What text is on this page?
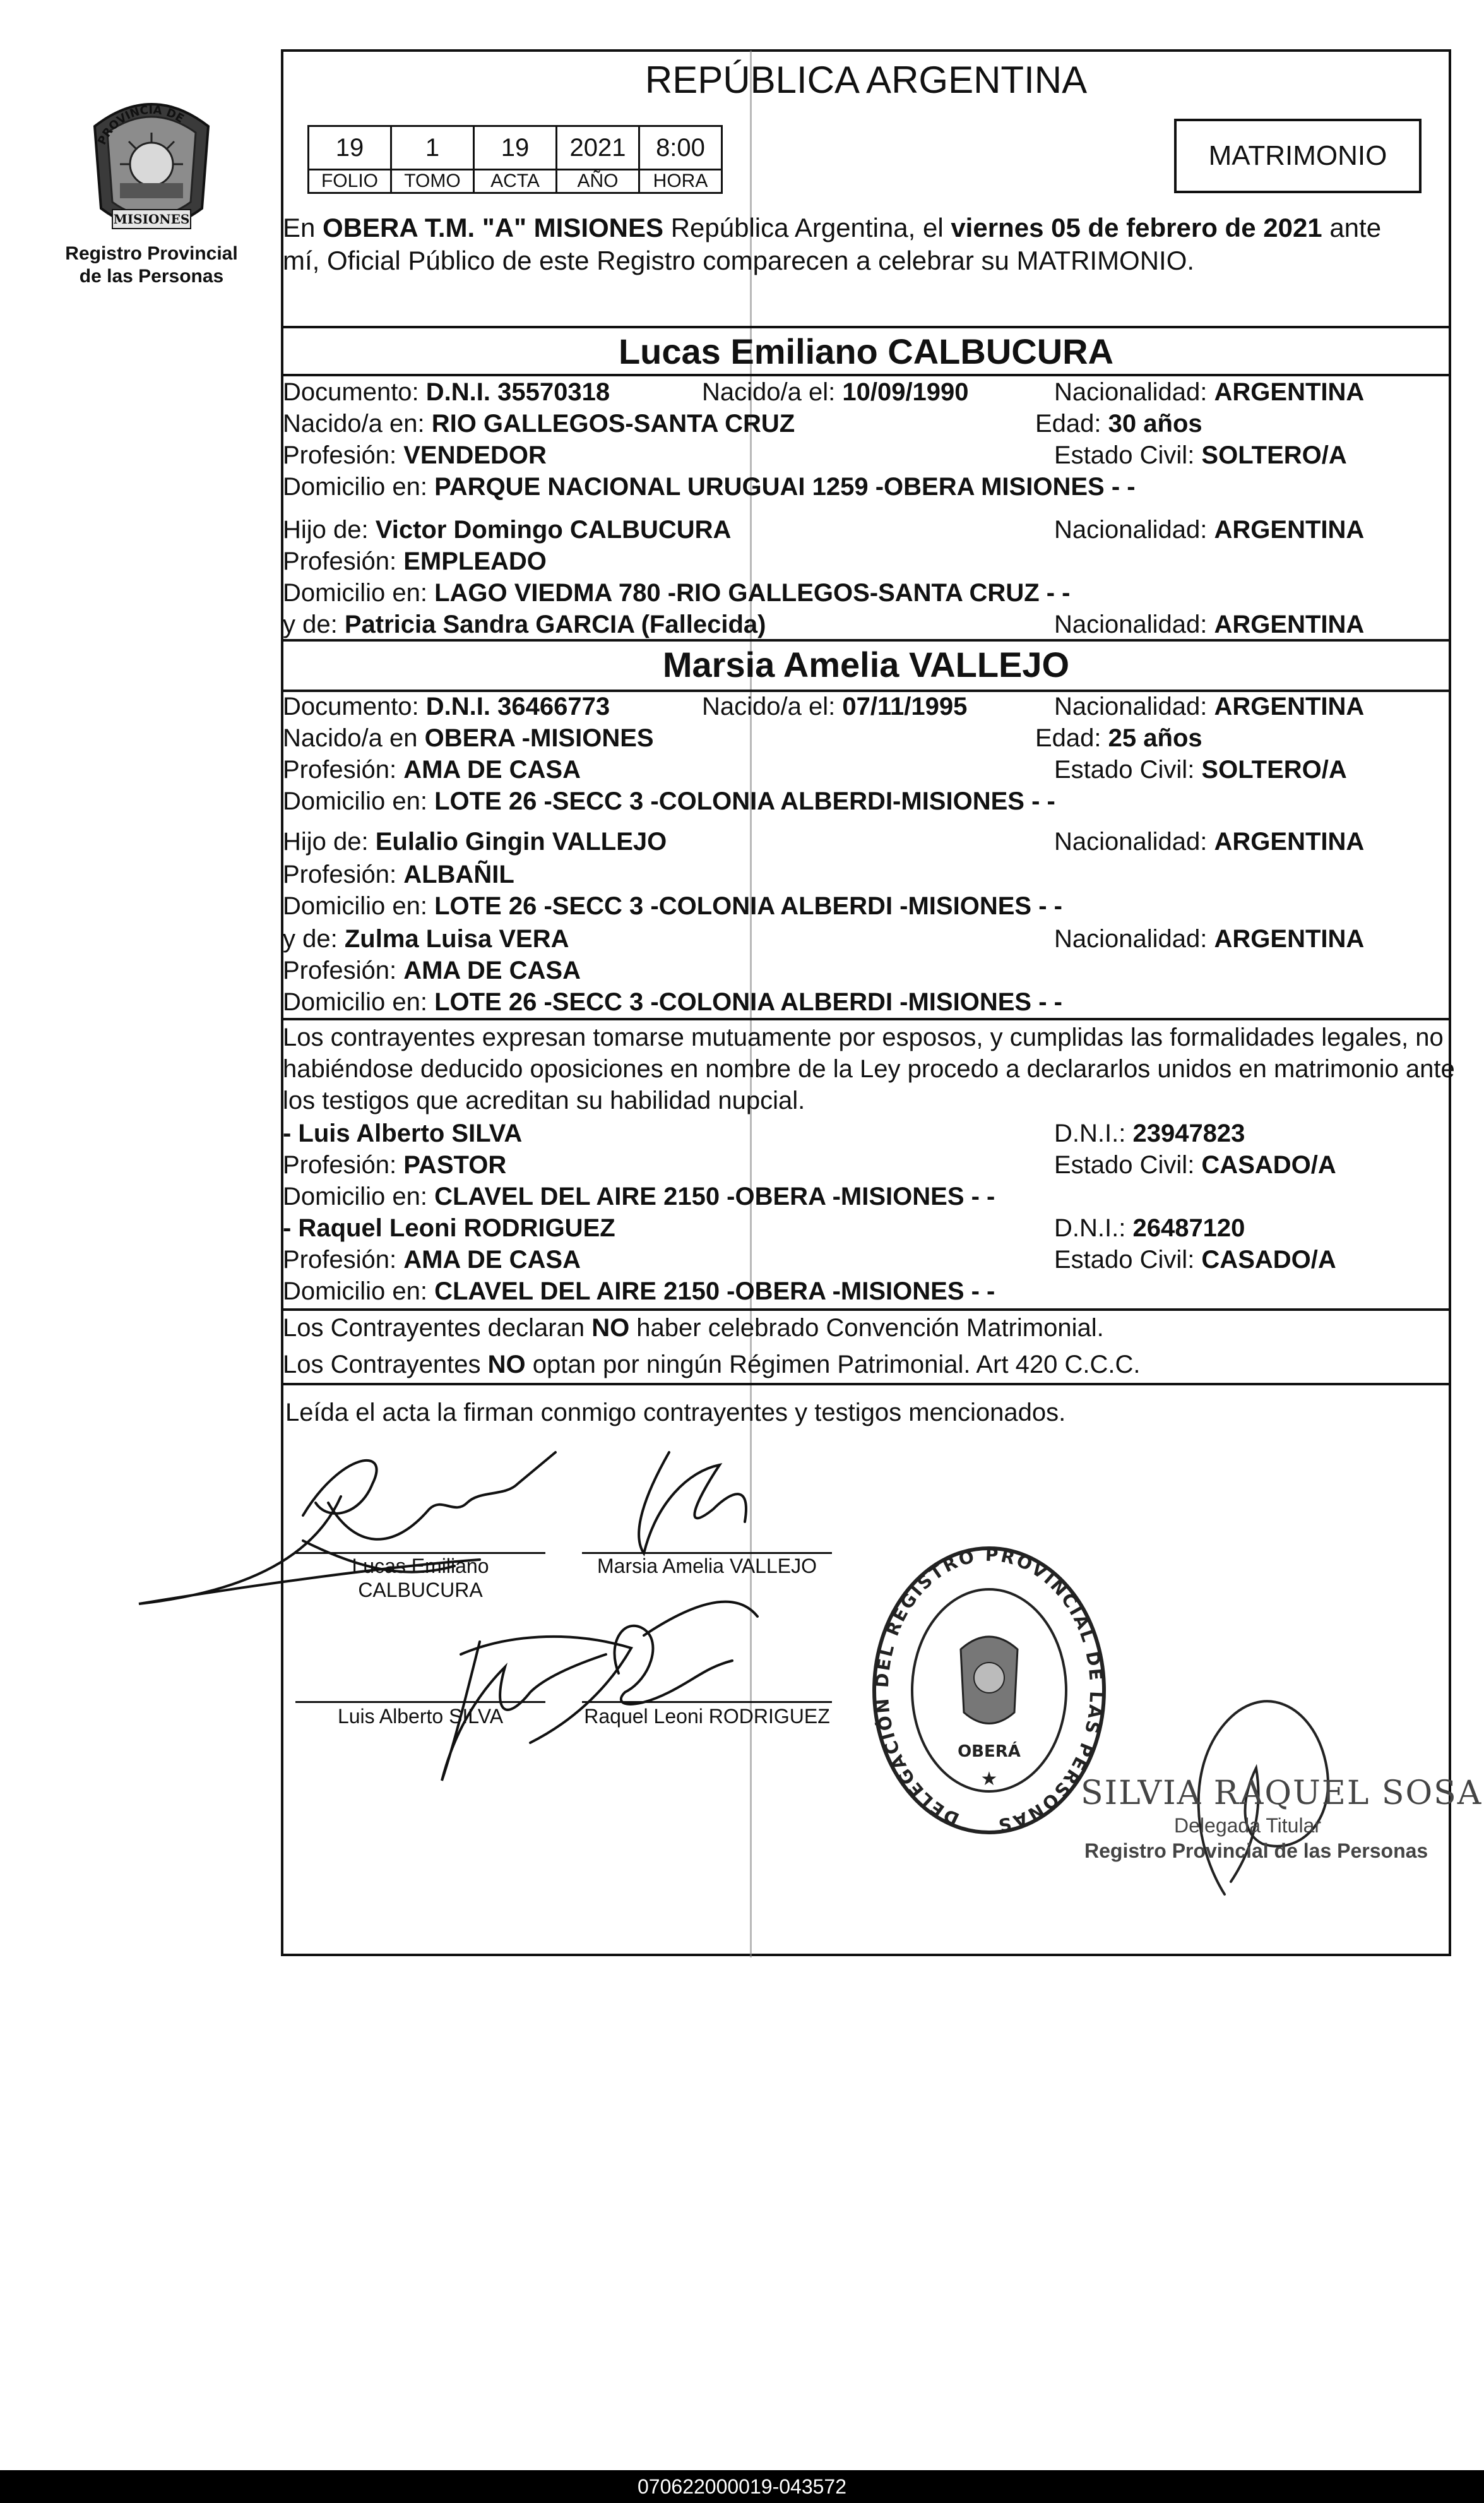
PROVINCIA DE
MISIONES
Registro Provincial
de las Personas
REPÚBLICA ARGENTINA
19	1	19	2021	8:00
FOLIO	TOMO	ACTA	AÑO	HORA
MATRIMONIO
En OBERA T.M. "A" MISIONES República Argentina, el viernes 05 de febrero de 2021 ante
mí, Oficial Público de este Registro comparecen a celebrar su MATRIMONIO.
Lucas Emiliano CALBUCURA
Documento: D.N.I. 35570318	Nacido/a el: 10/09/1990	Nacionalidad: ARGENTINA
Nacido/a en: RIO GALLEGOS-SANTA CRUZ	Edad: 30 años
Profesión: VENDEDOR	Estado Civil: SOLTERO/A
Domicilio en: PARQUE NACIONAL URUGUAI 1259 -OBERA MISIONES - -
Hijo de: Victor Domingo CALBUCURA	Nacionalidad: ARGENTINA
Profesión: EMPLEADO
Domicilio en: LAGO VIEDMA 780 -RIO GALLEGOS-SANTA CRUZ - -
y de: Patricia Sandra GARCIA (Fallecida)	Nacionalidad: ARGENTINA
Marsia Amelia VALLEJO
Documento: D.N.I. 36466773	Nacido/a el: 07/11/1995	Nacionalidad: ARGENTINA
Nacido/a en OBERA -MISIONES	Edad: 25 años
Profesión: AMA DE CASA	Estado Civil: SOLTERO/A
Domicilio en: LOTE 26 -SECC 3 -COLONIA ALBERDI-MISIONES - -
Hijo de: Eulalio Gingin VALLEJO	Nacionalidad: ARGENTINA
Profesión: ALBAÑIL
Domicilio en: LOTE 26 -SECC 3 -COLONIA ALBERDI -MISIONES - -
y de: Zulma Luisa VERA	Nacionalidad: ARGENTINA
Profesión: AMA DE CASA
Domicilio en: LOTE 26 -SECC 3 -COLONIA ALBERDI -MISIONES - -
Los contrayentes expresan tomarse mutuamente por esposos, y cumplidas las formalidades legales, no
habiéndose deducido oposiciones en nombre de la Ley procedo a declararlos unidos en matrimonio ante
los testigos que acreditan su habilidad nupcial.
- Luis Alberto SILVA	D.N.I.: 23947823
Profesión: PASTOR	Estado Civil: CASADO/A
Domicilio en: CLAVEL DEL AIRE 2150 -OBERA -MISIONES - -
- Raquel Leoni RODRIGUEZ	D.N.I.: 26487120
Profesión: AMA DE CASA	Estado Civil: CASADO/A
Domicilio en: CLAVEL DEL AIRE 2150 -OBERA -MISIONES - -
Los Contrayentes declaran NO haber celebrado Convención Matrimonial.
Los Contrayentes NO optan por ningún Régimen Patrimonial. Art 420 C.C.C.
Leída el acta la firman conmigo contrayentes y testigos mencionados.
Lucas Emiliano
CALBUCURA
Marsia Amelia VALLEJO
Luis Alberto SILVA	Raquel Leoni RODRIGUEZ
DELEGACIÓN DEL REGISTRO PROVINCIAL DE LAS PERSONAS
OBERÁ
★	SILVIA RAQUEL SOSA
Delegada Titular
Registro Provincial de las Personas
070622000019-043572
